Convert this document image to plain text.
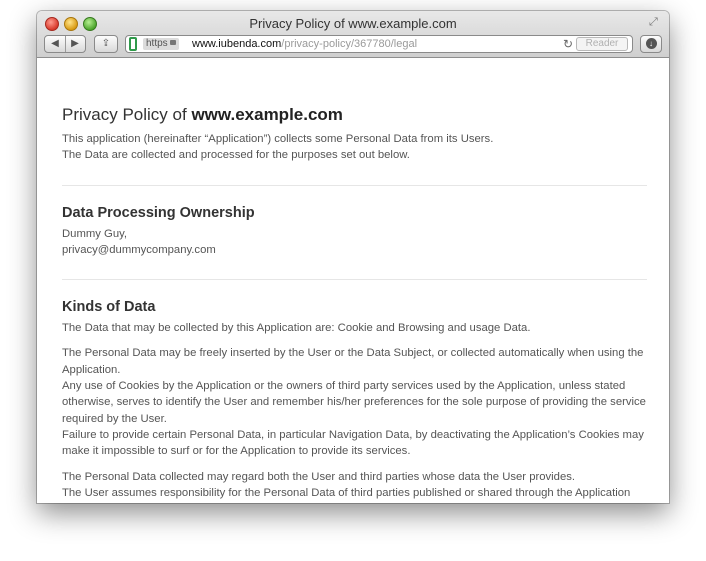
Privacy Policy of www.example.com	⤢
◀ ▶	⇪	https	www.iubenda.com/privacy-policy/367780/legal	↻	Reader	↓
Privacy Policy of www.example.com

This application (hereinafter “Application”) collects some Personal Data from its Users.

The Data are collected and processed for the purposes set out below.

Data Processing Ownership

Dummy Guy,

privacy@dummycompany.com

Kinds of Data

The Data that may be collected by this Application are: Cookie and Browsing and usage Data.

The Personal Data may be freely inserted by the User or the Data Subject, or collected automatically when using the Application.

Any use of Cookies by the Application or the owners of third party services used by the Application, unless stated otherwise, serves to identify the User and remember his/her preferences for the sole purpose of providing the service required by the User.

Failure to provide certain Personal Data, in particular Navigation Data, by deactivating the Application’s Cookies may make it impossible to surf or for the Application to provide its services.

The Personal Data collected may regard both the User and third parties whose data the User provides.

The User assumes responsibility for the Personal Data of third parties published or shared through the Application
